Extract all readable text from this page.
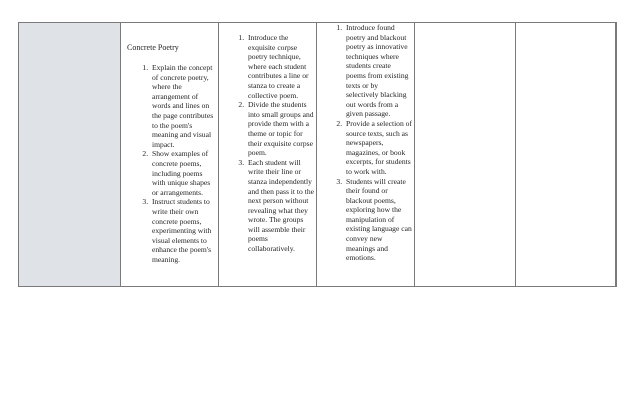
Concrete Poetry
1. Explain the concept of concrete poetry, where the arrangement of words and lines on the page contributes to the poem's meaning and visual impact.
2. Show examples of concrete poems, including poems with unique shapes or arrangements.
3. Instruct students to write their own concrete poems, experimenting with visual elements to enhance the poem's meaning.
1. Introduce the exquisite corpse poetry technique, where each student contributes a line or stanza to create a collective poem.
2. Divide the students into small groups and provide them with a theme or topic for their exquisite corpse poem.
3. Each student will write their line or stanza independently and then pass it to the next person without revealing what they wrote. The groups will assemble their poems collaboratively.
1. Introduce found poetry and blackout poetry as innovative techniques where students create poems from existing texts or by selectively blacking out words from a given passage.
2. Provide a selection of source texts, such as newspapers, magazines, or book excerpts, for students to work with.
3. Students will create their found or blackout poems, exploring how the manipulation of existing language can convey new meanings and emotions.
